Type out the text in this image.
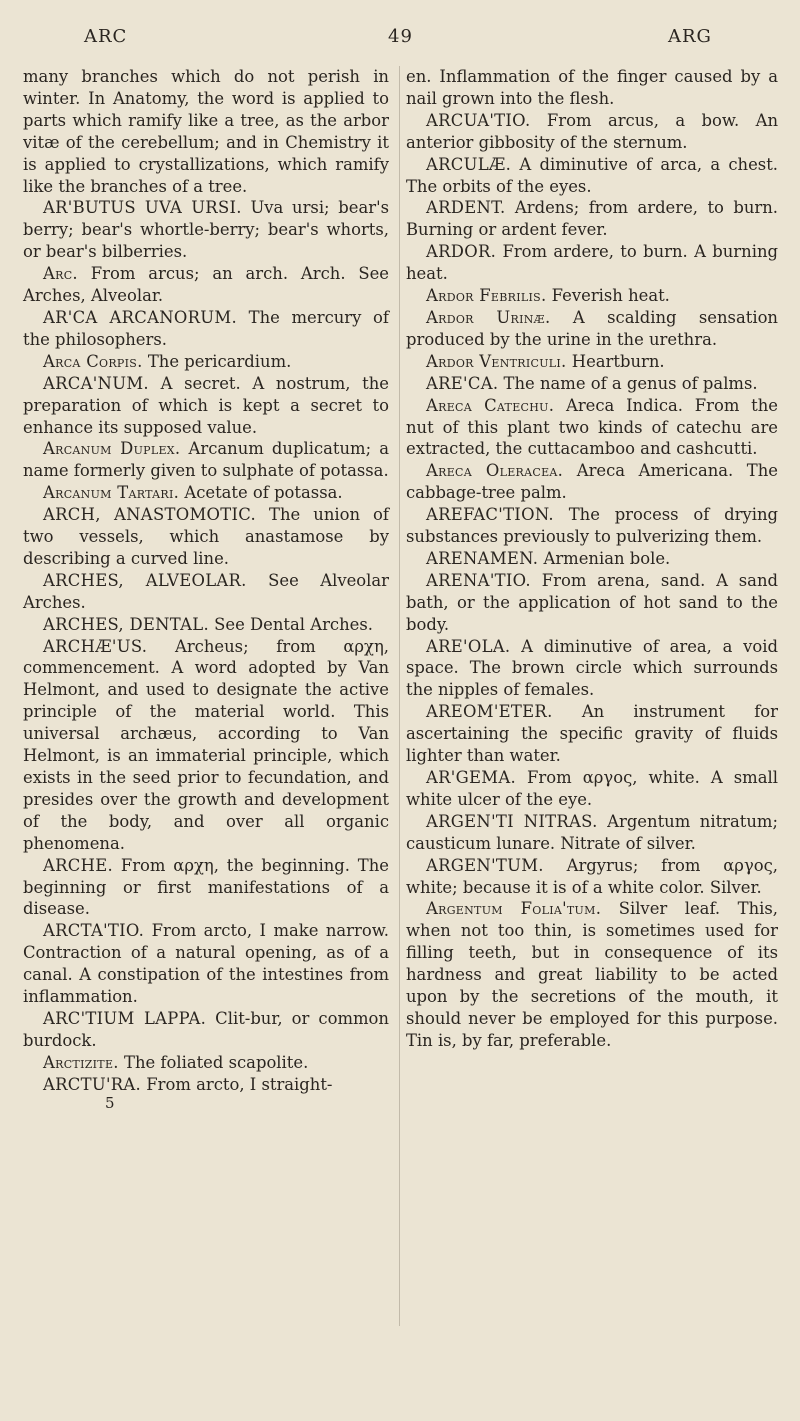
ARC	49	ARG

many branches which do not perish in winter. In Anatomy, the word is applied to parts which ramify like a tree, as the arbor vitæ of the cerebellum; and in Chemistry it is applied to crystallizations, which ramify like the branches of a tree.

AR'BUTUS UVA URSI. Uva ursi; bear's berry; bear's whortle-berry; bear's whorts, or bear's bilberries.

Arc. From arcus; an arch. Arch. See Arches, Alveolar.

AR'CA ARCANORUM. The mercury of the philosophers.

Arca Corpis. The pericardium.

ARCA'NUM. A secret. A nostrum, the preparation of which is kept a secret to enhance its supposed value.

Arcanum Duplex. Arcanum duplicatum; a name formerly given to sulphate of potassa.

Arcanum Tartari. Acetate of potassa.

ARCH, ANASTOMOTIC. The union of two vessels, which anastamose by describing a curved line.

ARCHES, ALVEOLAR. See Alveolar Arches.

ARCHES, DENTAL. See Dental Arches.

ARCHÆ'US. Archeus; from αρχη, commencement. A word adopted by Van Helmont, and used to designate the active principle of the material world. This universal archæus, according to Van Helmont, is an immaterial principle, which exists in the seed prior to fecundation, and presides over the growth and development of the body, and over all organic phenomena.

ARCHE. From αρχη, the beginning. The beginning or first manifestations of a disease.

ARCTA'TIO. From arcto, I make narrow. Contraction of a natural opening, as of a canal. A constipation of the intestines from inflammation.

ARC'TIUM LAPPA. Clit-bur, or common burdock.

Arctizite. The foliated scapolite.

ARCTU'RA. From arcto, I straight-

5

en. Inflammation of the finger caused by a nail grown into the flesh.

ARCUA'TIO. From arcus, a bow. An anterior gibbosity of the sternum.

ARCULÆ. A diminutive of arca, a chest. The orbits of the eyes.

ARDENT. Ardens; from ardere, to burn. Burning or ardent fever.

ARDOR. From ardere, to burn. A burning heat.

Ardor Febrilis. Feverish heat.

Ardor Urinæ. A scalding sensation produced by the urine in the urethra.

Ardor Ventriculi. Heartburn.

ARE'CA. The name of a genus of palms.

Areca Catechu. Areca Indica. From the nut of this plant two kinds of catechu are extracted, the cuttacamboo and cashcutti.

Areca Oleracea. Areca Americana. The cabbage-tree palm.

AREFAC'TION. The process of drying substances previously to pulverizing them.

ARENAMEN. Armenian bole.

ARENA'TIO. From arena, sand. A sand bath, or the application of hot sand to the body.

ARE'OLA. A diminutive of area, a void space. The brown circle which surrounds the nipples of females.

AREOM'ETER. An instrument for ascertaining the specific gravity of fluids lighter than water.

AR'GEMA. From αργος, white. A small white ulcer of the eye.

ARGEN'TI NITRAS. Argentum nitratum; causticum lunare. Nitrate of silver.

ARGEN'TUM. Argyrus; from αργος, white; because it is of a white color. Silver.

Argentum Folia'tum. Silver leaf. This, when not too thin, is sometimes used for filling teeth, but in consequence of its hardness and great liability to be acted upon by the secretions of the mouth, it should never be employed for this purpose. Tin is, by far, preferable.
